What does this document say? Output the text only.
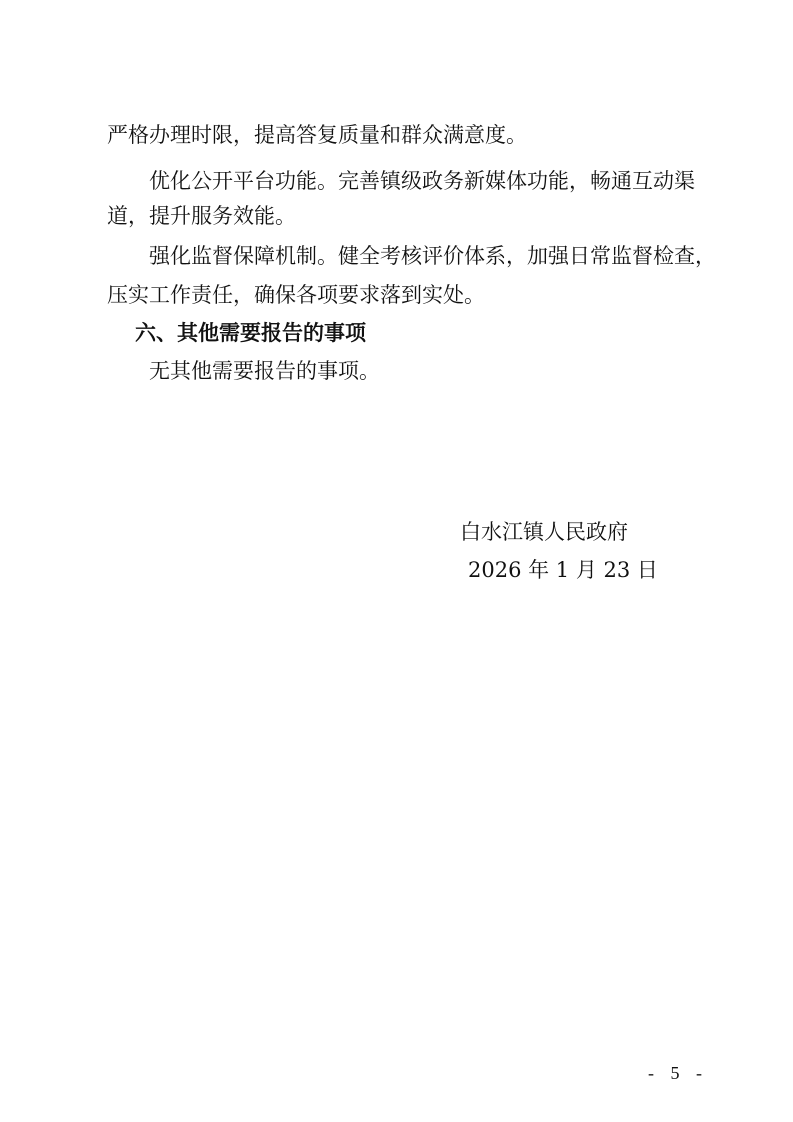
严格办理时限，提高答复质量和群众满意度。

优化公开平台功能。完善镇级政务新媒体功能，畅通互动渠

道，提升服务效能。

强化监督保障机制。健全考核评价体系，加强日常监督检查，

压实工作责任，确保各项要求落到实处。

六、其他需要报告的事项

无其他需要报告的事项。

白水江镇人民政府

2026 年 1 月 23 日

- 5 -
